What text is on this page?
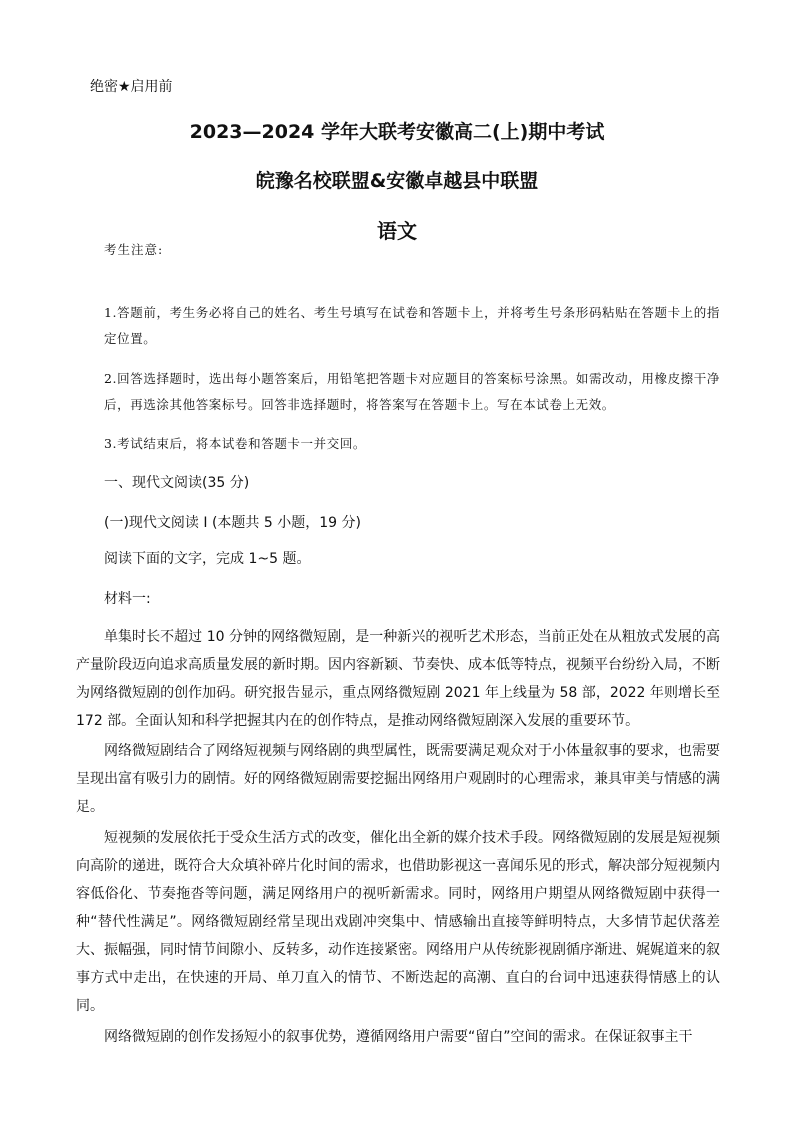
绝密★启用前
2023—2024 学年大联考安徽高二(上)期中考试
皖豫名校联盟&安徽卓越县中联盟
语文
考生注意:
1.答题前，考生务必将自己的姓名、考生号填写在试卷和答题卡上，并将考生号条形码粘贴在答题卡上的指定位置。
2.回答选择题时，选出每小题答案后，用铅笔把答题卡对应题目的答案标号涂黑。如需改动，用橡皮擦干净后，再选涂其他答案标号。回答非选择题时，将答案写在答题卡上。写在本试卷上无效。
3.考试结束后，将本试卷和答题卡一并交回。
一、现代文阅读(35 分)
(一)现代文阅读 I (本题共 5 小题，19 分)
阅读下面的文字，完成 1~5 题。
材料一:
单集时长不超过 10 分钟的网络微短剧，是一种新兴的视听艺术形态，当前正处在从粗放式发展的高产量阶段迈向追求高质量发展的新时期。因内容新颖、节奏快、成本低等特点，视频平台纷纷入局，不断为网络微短剧的创作加码。研究报告显示，重点网络微短剧 2021 年上线量为 58 部，2022 年则增长至 172 部。全面认知和科学把握其内在的创作特点，是推动网络微短剧深入发展的重要环节。
网络微短剧结合了网络短视频与网络剧的典型属性，既需要满足观众对于小体量叙事的要求，也需要呈现出富有吸引力的剧情。好的网络微短剧需要挖掘出网络用户观剧时的心理需求，兼具审美与情感的满足。
短视频的发展依托于受众生活方式的改变，催化出全新的媒介技术手段。网络微短剧的发展是短视频向高阶的递进，既符合大众填补碎片化时间的需求，也借助影视这一喜闻乐见的形式，解决部分短视频内容低俗化、节奏拖沓等问题，满足网络用户的视听新需求。同时，网络用户期望从网络微短剧中获得一种“替代性满足”。网络微短剧经常呈现出戏剧冲突集中、情感输出直接等鲜明特点，大多情节起伏落差大、振幅强，同时情节间隙小、反转多，动作连接紧密。网络用户从传统影视剧循序渐进、娓娓道来的叙事方式中走出，在快速的开局、单刀直入的情节、不断迭起的高潮、直白的台词中迅速获得情感上的认同。
网络微短剧的创作发扬短小的叙事优势，遵循网络用户需要“留白”空间的需求。在保证叙事主干
